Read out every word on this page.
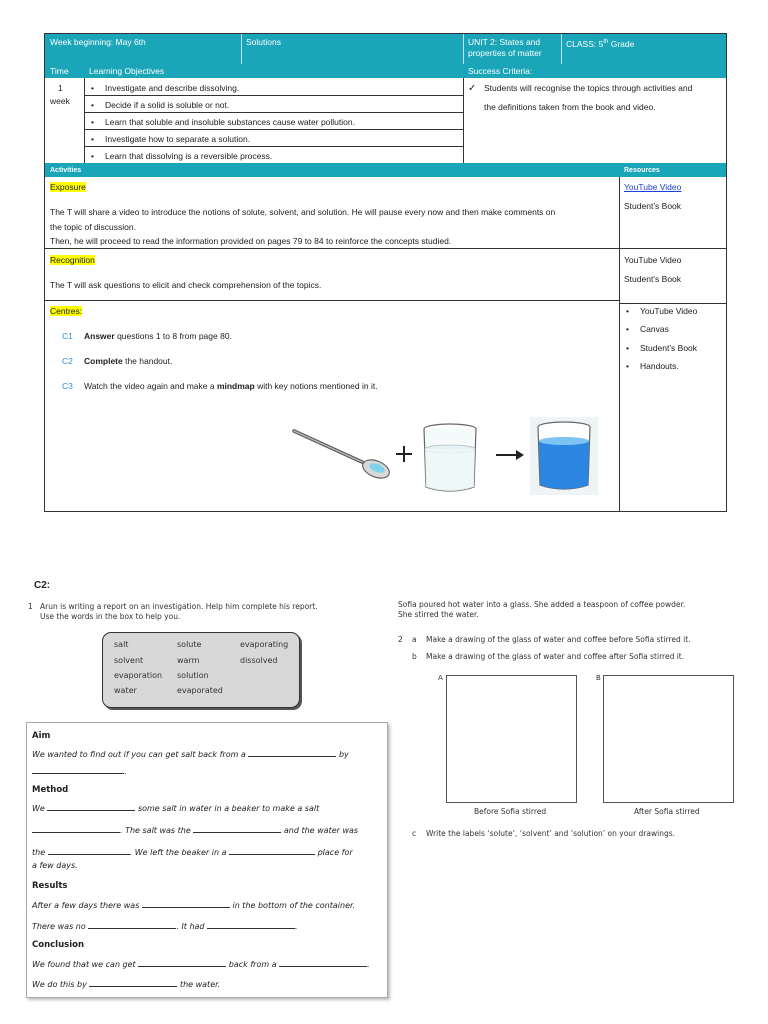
Week beginning: May 6th	Solutions	UNIT 2: States and properties of matter
CLASS: 5th Grade
Time Learning Objectives	Success Criteria:
1
week
• Investigate and describe dissolving.
• Decide if a solid is soluble or not.
• Learn that soluble and insoluble substances cause water pollution.
• Investigate how to separate a solution.
• Learn that dissolving is a reversible process.
✓ Students will recognise the topics through activities and
the definitions taken from the book and video.
Activities	Resources
Exposure
The T will share a video to introduce the notions of solute, solvent, and solution. He will pause every now and then make comments on
the topic of discussion.
Then, he will proceed to read the information provided on pages 79 to 84 to reinforce the concepts studied.
YouTube Video
Student’s Book
Recognition
The T will ask questions to elicit and check comprehension of the topics.
YouTube Video
Student’s Book
Centres:
C1 Answer questions 1 to 8 from page 80.
C2 Complete the handout.
C3 Watch the video again and make a mindmap with key notions mentioned in it.
• YouTube Video
• Canvas
• Student’s Book
• Handouts.
C2:
1 Arun is writing a report on an investigation. Help him complete his report.
Use the words in the box to help you.
salt	solute	evaporating
solvent	warm	dissolved
evaporation solution
water	evaporated
Aim
We wanted to find out if you can get salt back from a	by
.
Method
We	some salt in water in a beaker to make a salt
. The salt was the	and the water was
the	. We left the beaker in a	place for
a few days.
Results
After a few days there was	in the bottom of the container.
There was no	. It had	.
Conclusion
We found that we can get	back from a	.
We do this by	the water.
Sofia poured hot water into a glass. She added a teaspoon of coffee powder.
She stirred the water.
2 a Make a drawing of the glass of water and coffee before Sofia stirred it.
b Make a drawing of the glass of water and coffee after Sofia stirred it.
A
Before Sofia stirred
B
After Sofia stirred
c Write the labels ‘solute’, ‘solvent’ and ‘solution’ on your drawings.
